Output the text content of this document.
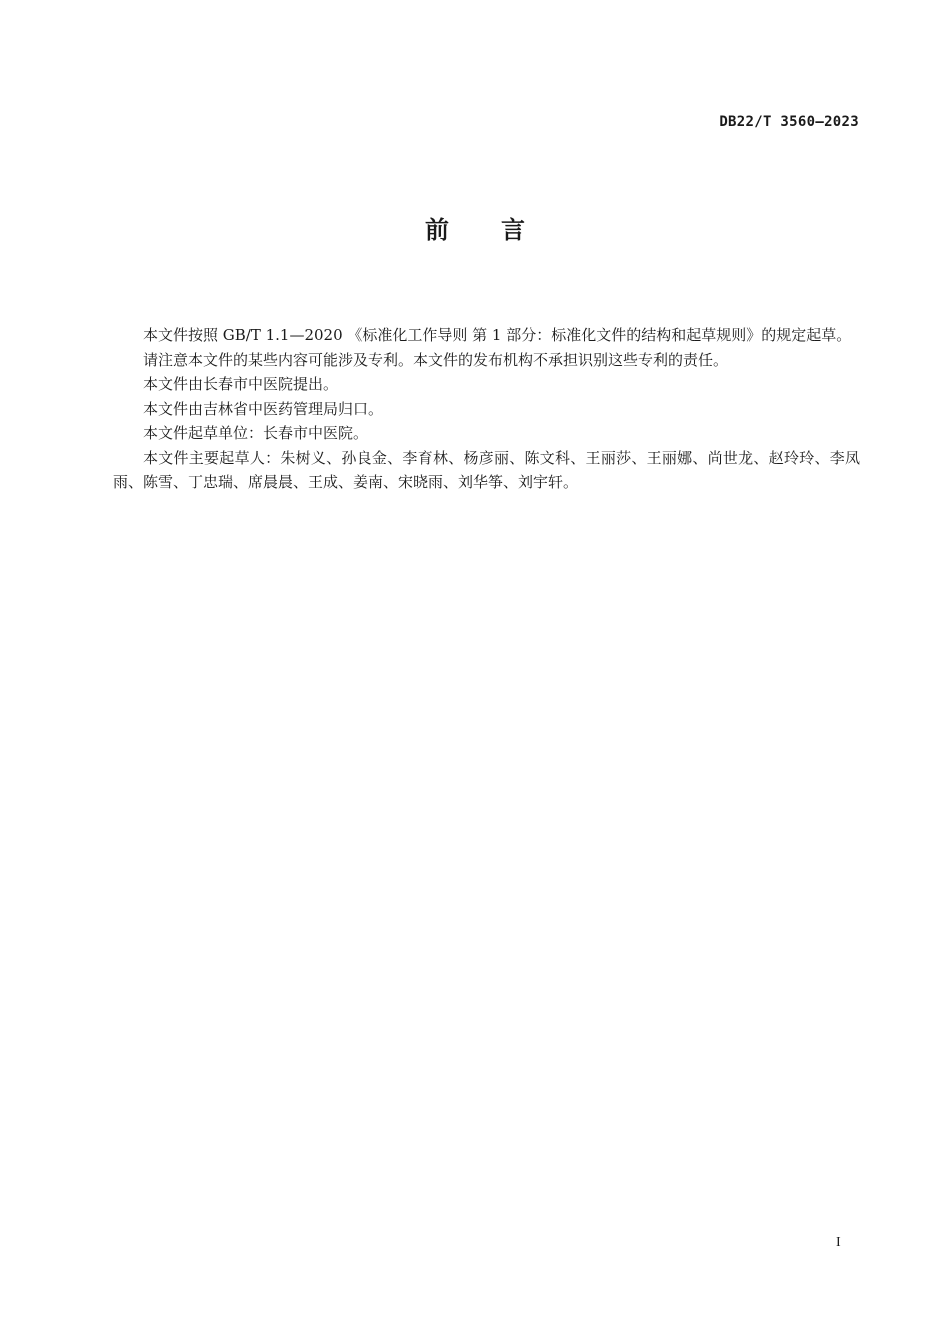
DB22/T 3560—2023
前言

本文件按照 GB/T 1.1—2020 《标准化工作导则 第 1 部分：标准化文件的结构和起草规则》的规定起草。

请注意本文件的某些内容可能涉及专利。本文件的发布机构不承担识别这些专利的责任。

本文件由长春市中医院提出。

本文件由吉林省中医药管理局归口。

本文件起草单位：长春市中医院。

本文件主要起草人：朱树义、孙良金、李育林、杨彦丽、陈文科、王丽莎、王丽娜、尚世龙、赵玲玲、李凤雨、陈雪、丁忠瑞、席晨晨、王成、姜南、宋晓雨、刘华筝、刘宇轩。

I
